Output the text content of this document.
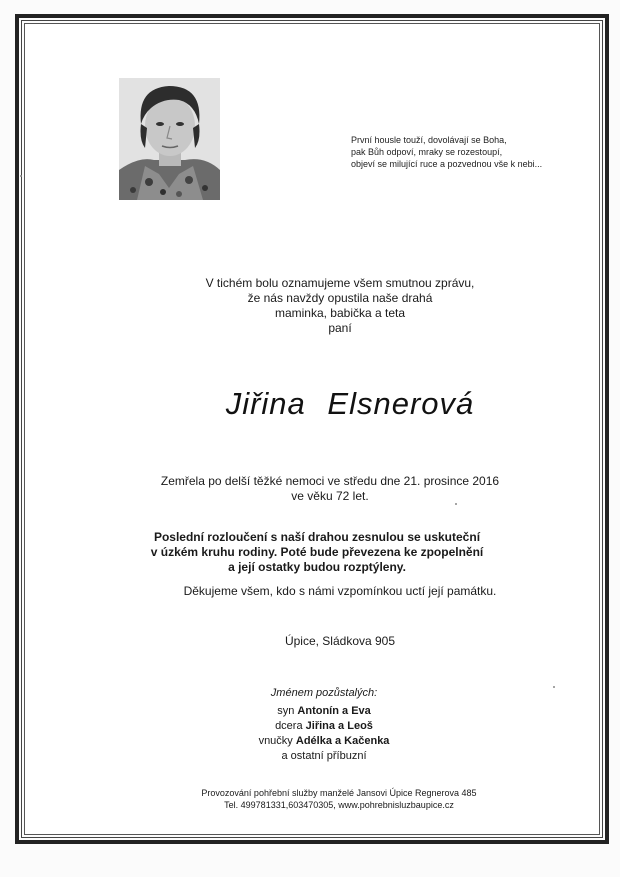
První housle touží, dovolávají se Boha,
pak Bůh odpoví, mraky se rozestoupí,
objeví se milující ruce a pozvednou vše k nebi...
V tichém bolu oznamujeme všem smutnou zprávu,
že nás navždy opustila naše drahá
maminka, babička a teta
paní
Jiřina Elsnerová
Zemřela po delší těžké nemoci ve středu dne 21. prosince 2016
ve věku 72 let.
Poslední rozloučení s naší drahou zesnulou se uskuteční
v úzkém kruhu rodiny. Poté bude převezena ke zpopelnění
a její ostatky budou rozptýleny.
Děkujeme všem, kdo s námi vzpomínkou uctí její památku.
Úpice, Sládkova 905
Jménem pozůstalých:
syn Antonín a Eva
dcera Jiřina a Leoš
vnučky Adélka a Kačenka
a ostatní příbuzní
Provozování pohřební služby manželé Jansovi Úpice Regnerova 485
Tel. 499781331,603470305, www.pohrebnisluzbaupice.cz
